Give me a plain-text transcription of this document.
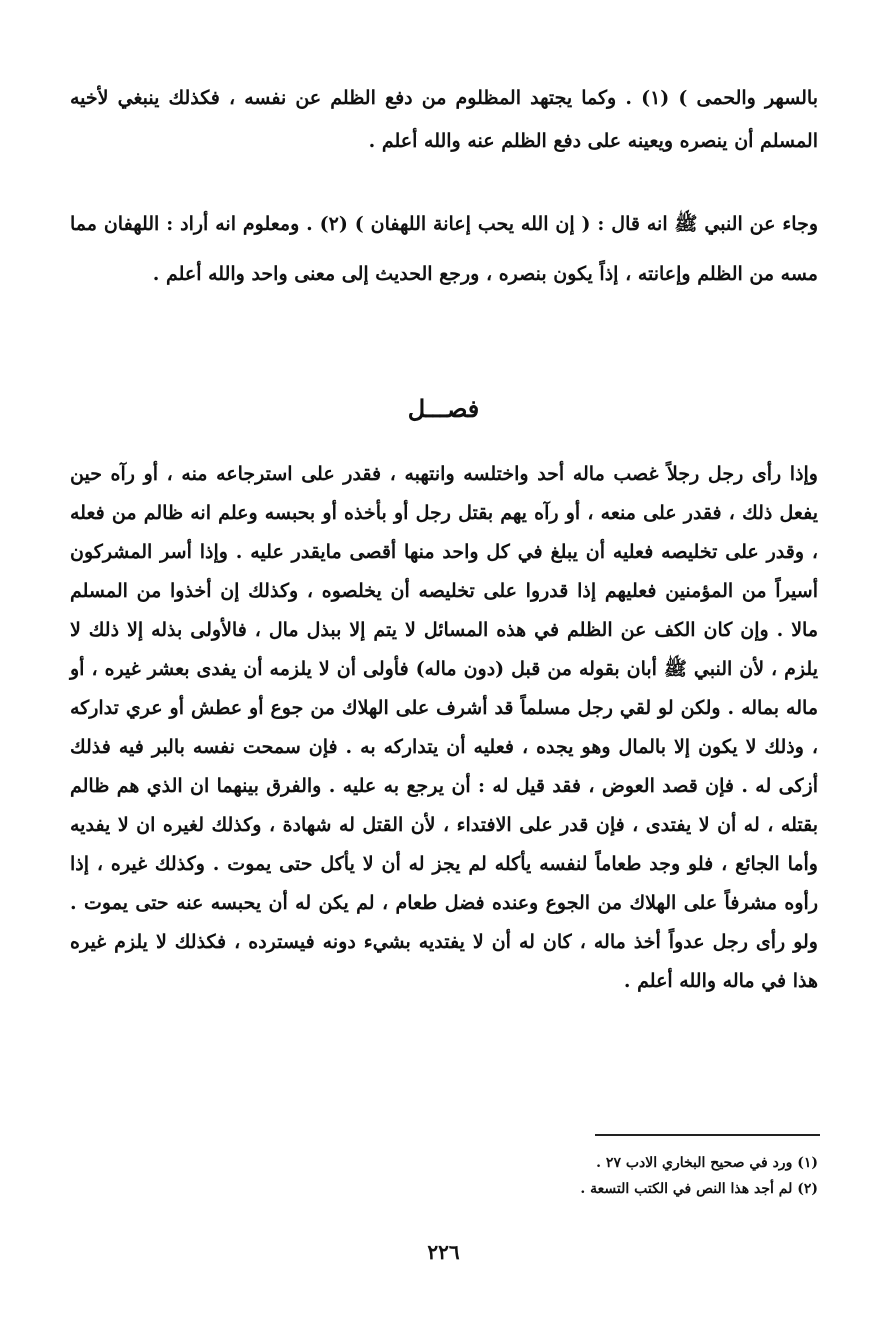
بالسهر والحمى ) (١) . وكما يجتهد المظلوم من دفع الظلم عن نفسه ، فكذلك ينبغي لأخيه المسلم أن ينصره ويعينه على دفع الظلم عنه والله أعلم .

وجاء عن النبي ﷺ انه قال : ( إن الله يحب إعانة اللهفان ) (٢) . ومعلوم انه أراد : اللهفان مما مسه من الظلم وإعانته ، إذاً يكون بنصره ، ورجع الحديث إلى معنى واحد والله أعلم .

فصـــل

وإذا رأى رجل رجلاً غصب ماله أحد واختلسه وانتهبه ، فقدر على استرجاعه منه ، أو رآه حين يفعل ذلك ، فقدر على منعه ، أو رآه يهم بقتل رجل أو بأخذه أو بحبسه وعلم انه ظالم من فعله ، وقدر على تخليصه فعليه أن يبلغ في كل واحد منها أقصى مايقدر عليه . وإذا أسر المشركون أسيراً من المؤمنين فعليهم إذا قدروا على تخليصه أن يخلصوه ، وكذلك إن أخذوا من المسلم مالا . وإن كان الكف عن الظلم في هذه المسائل لا يتم إلا ببذل مال ، فالأولى بذله إلا ذلك لا يلزم ، لأن النبي ﷺ أبان بقوله من قبل (دون ماله) فأولى أن لا يلزمه أن يفدى بعشر غيره ، أو ماله بماله . ولكن لو لقي رجل مسلماً قد أشرف على الهلاك من جوع أو عطش أو عري تداركه ، وذلك لا يكون إلا بالمال وهو يجده ، فعليه أن يتداركه به . فإن سمحت نفسه بالبر فيه فذلك أزكى له . فإن قصد العوض ، فقد قيل له : أن يرجع به عليه . والفرق بينهما ان الذي هم ظالم بقتله ، له أن لا يفتدى ، فإن قدر على الافتداء ، لأن القتل له شهادة ، وكذلك لغيره ان لا يفديه وأما الجائع ، فلو وجد طعاماً لنفسه يأكله لم يجز له أن لا يأكل حتى يموت . وكذلك غيره ، إذا رأوه مشرفاً على الهلاك من الجوع وعنده فضل طعام ، لم يكن له أن يحبسه عنه حتى يموت . ولو رأى رجل عدواً أخذ ماله ، كان له أن لا يفتديه بشيء دونه فيسترده ، فكذلك لا يلزم غيره هذا في ماله والله أعلم .

(١) ورد في صحيح البخاري الادب ٢٧ .
(٢) لم أجد هذا النص في الكتب التسعة .
٢٢٦
